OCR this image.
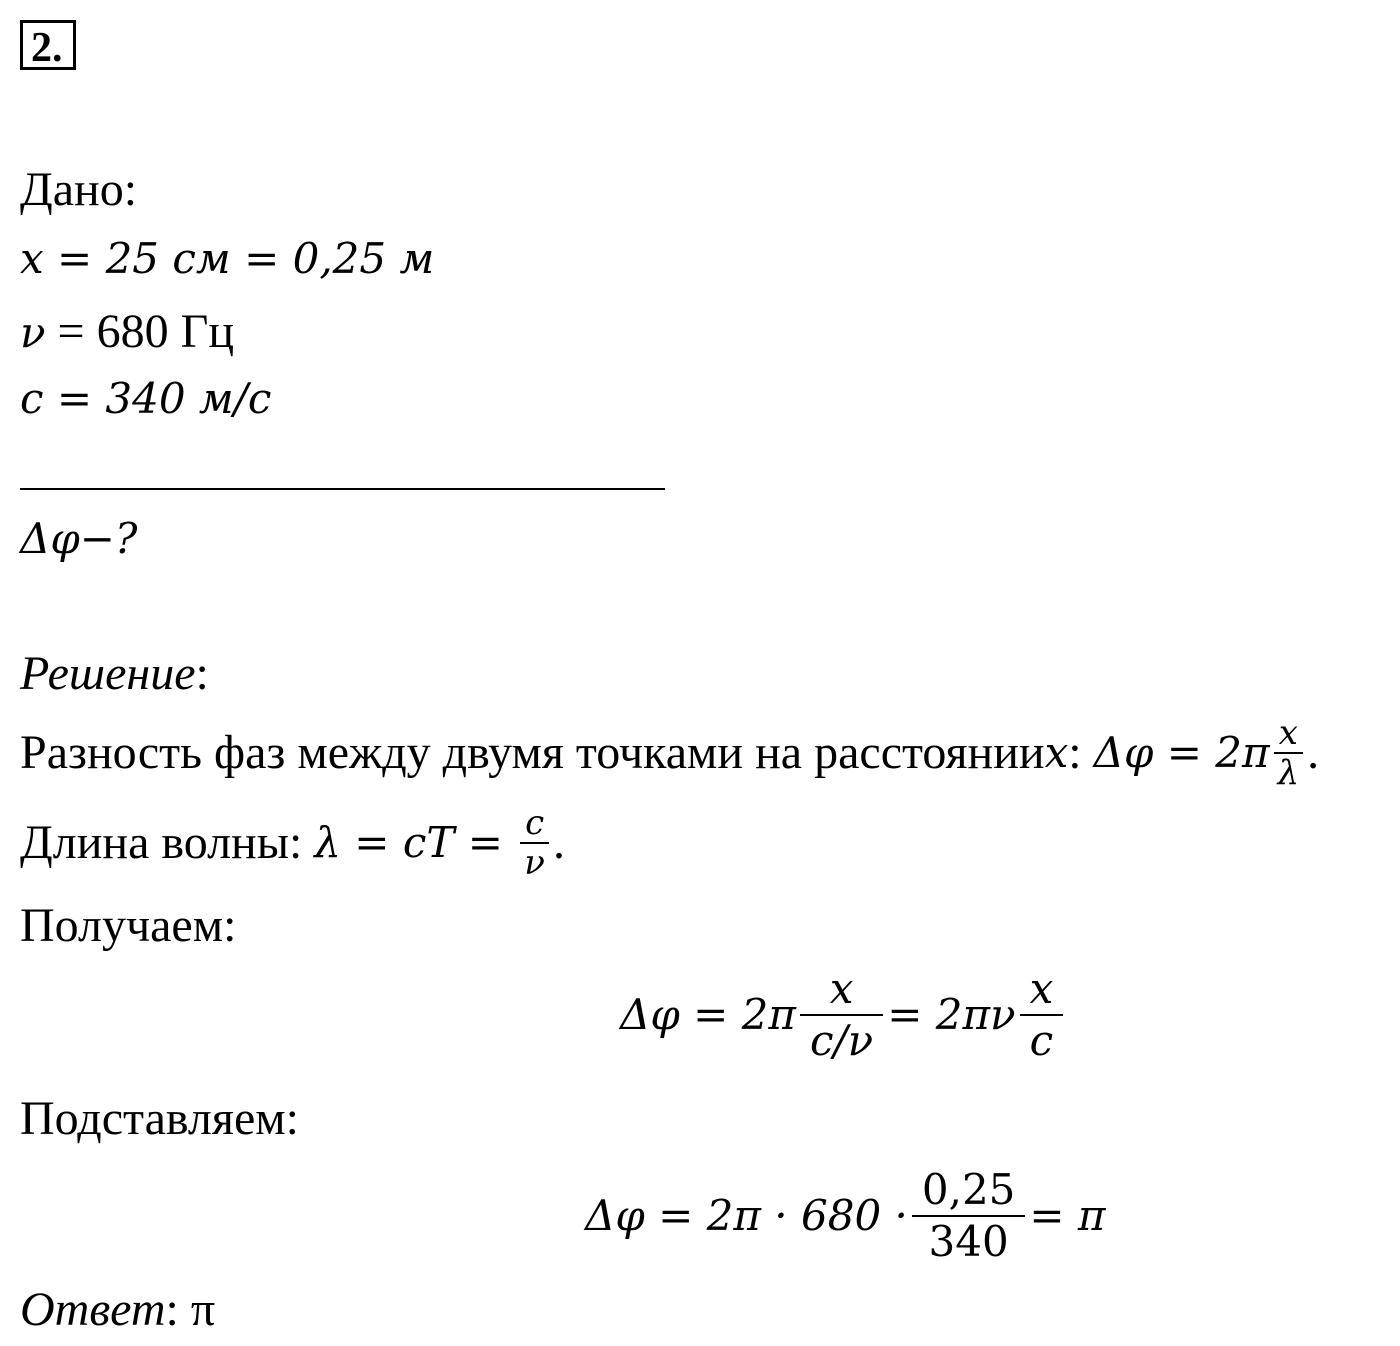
2.
Дано:
x = 25 см = 0,25 м
ν = 680 Гц
c = 340 м/с
Δφ−?
Решение:
Разность фаз между двумя точками на расстоянии x : $\Delta\varphi = 2\pi \frac{x}{\lambda}$ .
Длина волны: λ = cT = $\frac{c}{\nu}$ .
Получаем:
$\Delta\varphi = 2\pi \frac{x}{c/\nu} = 2\pi\nu \frac{x}{c}$
Подставляем:
$\Delta\varphi = 2\pi \cdot 680 \cdot \frac{0,25}{340} = \pi$
Ответ: π
